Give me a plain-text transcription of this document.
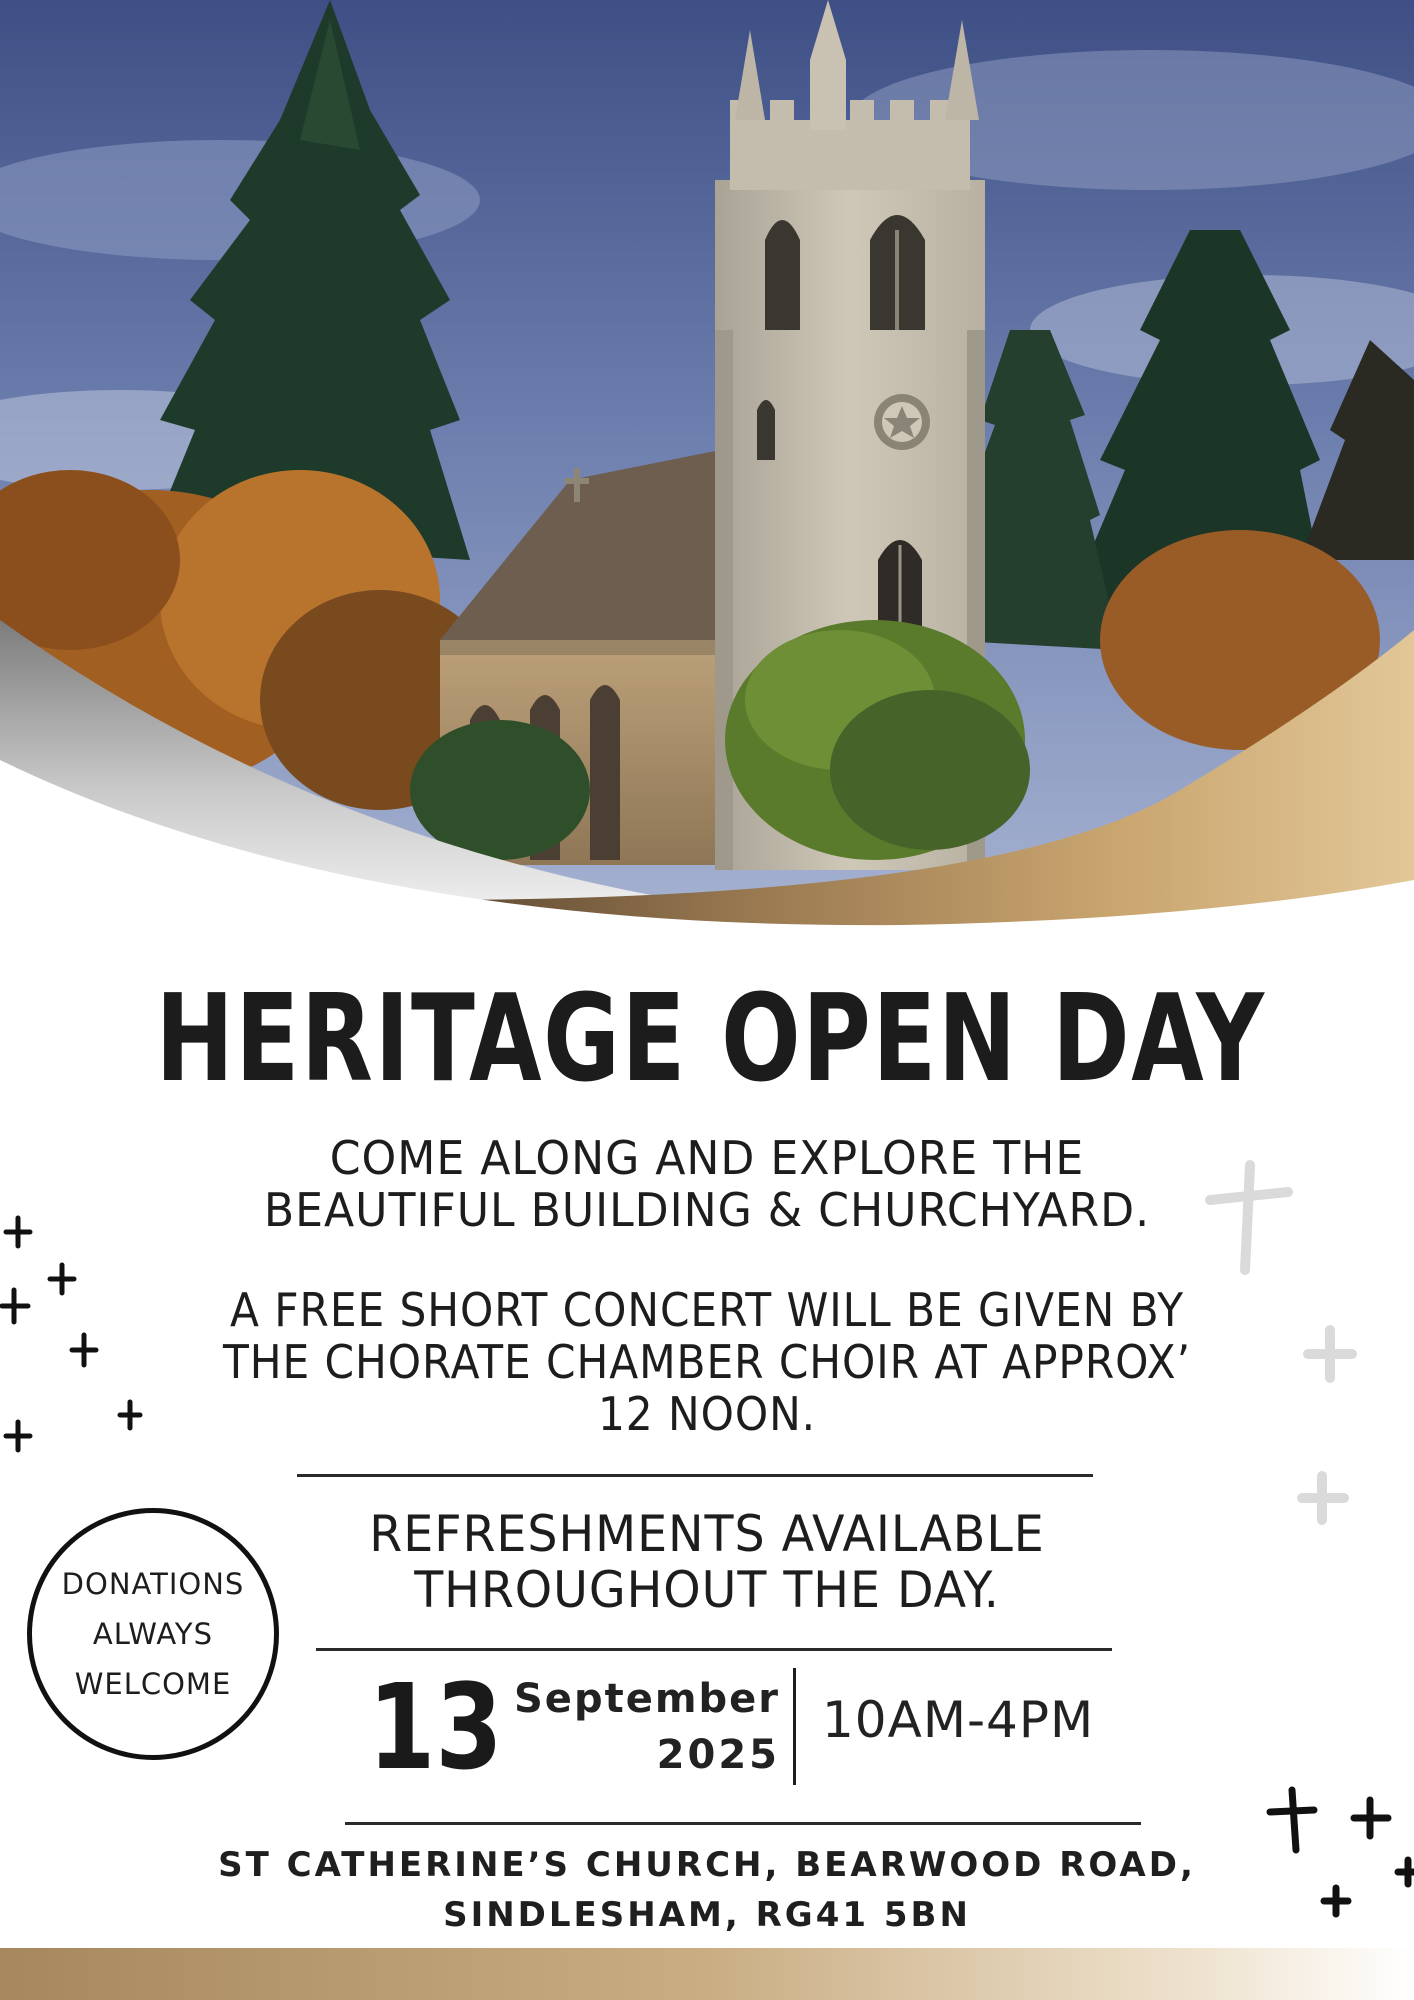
HERITAGE OPEN DAY
COME ALONG AND EXPLORE THE
BEAUTIFUL BUILDING & CHURCHYARD.
A FREE SHORT CONCERT WILL BE GIVEN BY
THE CHORATE CHAMBER CHOIR AT APPROX’
12 NOON.
REFRESHMENTS AVAILABLE
THROUGHOUT THE DAY.
DONATIONS
ALWAYS
WELCOME 13 September
2025
10AM-4PM
ST CATHERINE’S CHURCH, BEARWOOD ROAD,
SINDLESHAM, RG41 5BN
